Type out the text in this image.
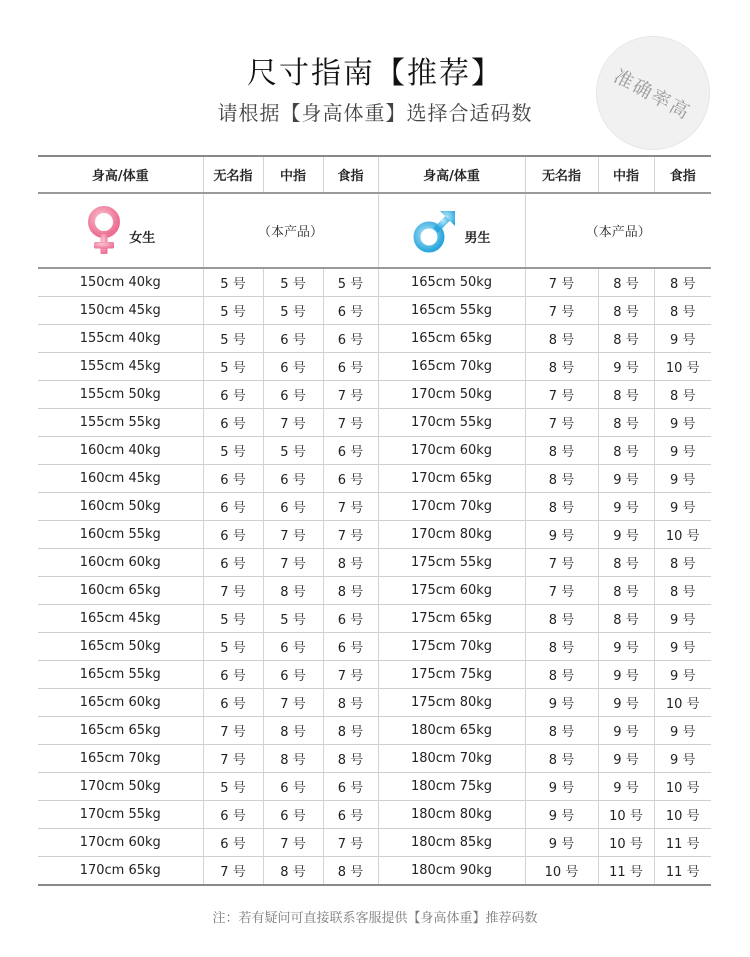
尺寸指南【推荐】
请根据【身高体重】选择合适码数	准确率高
身高/体重	无名指	中指	食指	身高/体重	无名指	中指	食指

女生	（本产品）			男生	（本产品）		
150cm 40kg	5 号	5 号	5 号	165cm 50kg	7 号	8 号	8 号
150cm 45kg	5 号	5 号	6 号	165cm 55kg	7 号	8 号	8 号
155cm 40kg	5 号	6 号	6 号	165cm 65kg	8 号	8 号	9 号
155cm 45kg	5 号	6 号	6 号	165cm 70kg	8 号	9 号	10 号
155cm 50kg	6 号	6 号	7 号	170cm 50kg	7 号	8 号	8 号
155cm 55kg	6 号	7 号	7 号	170cm 55kg	7 号	8 号	9 号
160cm 40kg	5 号	5 号	6 号	170cm 60kg	8 号	8 号	9 号
160cm 45kg	6 号	6 号	6 号	170cm 65kg	8 号	9 号	9 号
160cm 50kg	6 号	6 号	7 号	170cm 70kg	8 号	9 号	9 号
160cm 55kg	6 号	7 号	7 号	170cm 80kg	9 号	9 号	10 号
160cm 60kg	6 号	7 号	8 号	175cm 55kg	7 号	8 号	8 号
160cm 65kg	7 号	8 号	8 号	175cm 60kg	7 号	8 号	8 号
165cm 45kg	5 号	5 号	6 号	175cm 65kg	8 号	8 号	9 号
165cm 50kg	5 号	6 号	6 号	175cm 70kg	8 号	9 号	9 号
165cm 55kg	6 号	6 号	7 号	175cm 75kg	8 号	9 号	9 号
165cm 60kg	6 号	7 号	8 号	175cm 80kg	9 号	9 号	10 号
165cm 65kg	7 号	8 号	8 号	180cm 65kg	8 号	9 号	9 号
165cm 70kg	7 号	8 号	8 号	180cm 70kg	8 号	9 号	9 号
170cm 50kg	5 号	6 号	6 号	180cm 75kg	9 号	9 号	10 号
170cm 55kg	6 号	6 号	6 号	180cm 80kg	9 号	10 号	10 号
170cm 60kg	6 号	7 号	7 号	180cm 85kg	9 号	10 号	11 号
170cm 65kg	7 号	8 号	8 号	180cm 90kg	10 号	11 号	11 号
注：若有疑问可直接联系客服提供【身高体重】推荐码数
